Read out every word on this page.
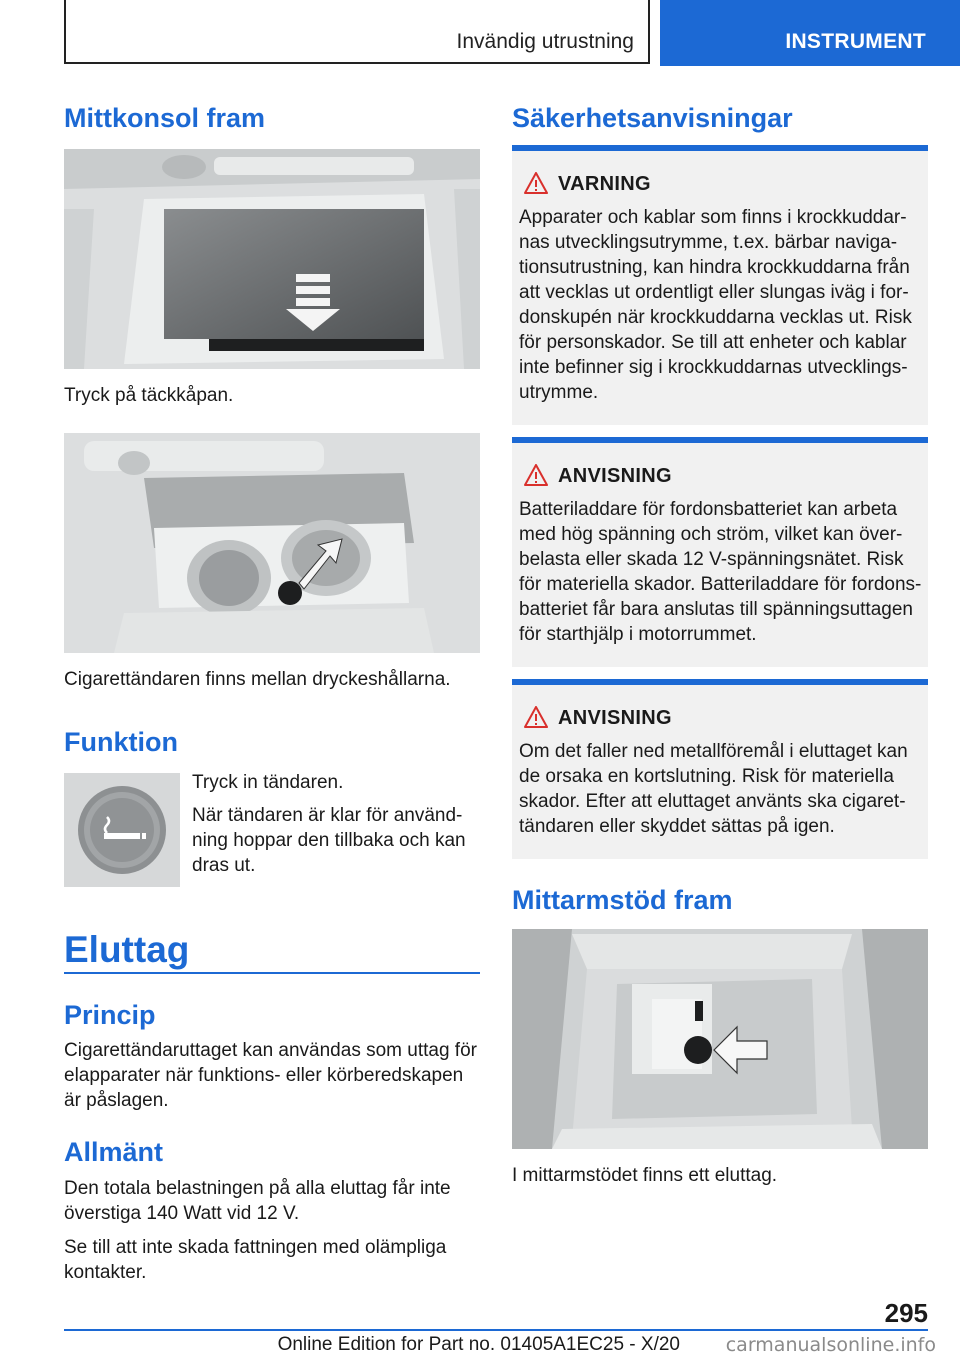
Invändig utrustning	INSTRUMENT
Mittkonsol fram

Tryck på täckkåpan.

Cigarettändaren finns mellan dryckeshållarna.

Funktion

Tryck in tändaren.

När tändaren är klar för använd-ning hoppar den tillbaka och kan dras ut.

Eluttag
Princip

Cigarettändaruttaget kan användas som uttag för elapparater när funktions- eller körberedskapen är påslagen.

Allmänt

Den totala belastningen på alla eluttag får inte överstiga 140 Watt vid 12 V.

Se till att inte skada fattningen med olämpliga kontakter.

Säkerhetsanvisningar
VARNING
Apparater och kablar som finns i krockkuddar-nas utvecklingsutrymme, t.ex. bärbar naviga-tionsutrustning, kan hindra krockkuddarna från att vecklas ut ordentligt eller slungas iväg i for-donskupén när krockkuddarna vecklas ut. Risk för personskador. Se till att enheter och kablar inte befinner sig i krockkuddarnas utvecklings-utrymme.
ANVISNING
Batteriladdare för fordonsbatteriet kan arbeta med hög spänning och ström, vilket kan över-belasta eller skada 12 V-spänningsnätet. Risk för materiella skador. Batteriladdare för fordons-batteriet får bara anslutas till spänningsuttagen för starthjälp i motorrummet.
ANVISNING
Om det faller ned metallföremål i eluttaget kan de orsaka en kortslutning. Risk för materiella skador. Efter att eluttaget använts ska cigaret-tändaren eller skyddet sättas på igen.
Mittarmstöd fram

I mittarmstödet finns ett eluttag.

295
Online Edition for Part no. 01405A1EC25 - X/20 carmanualsonline.info
